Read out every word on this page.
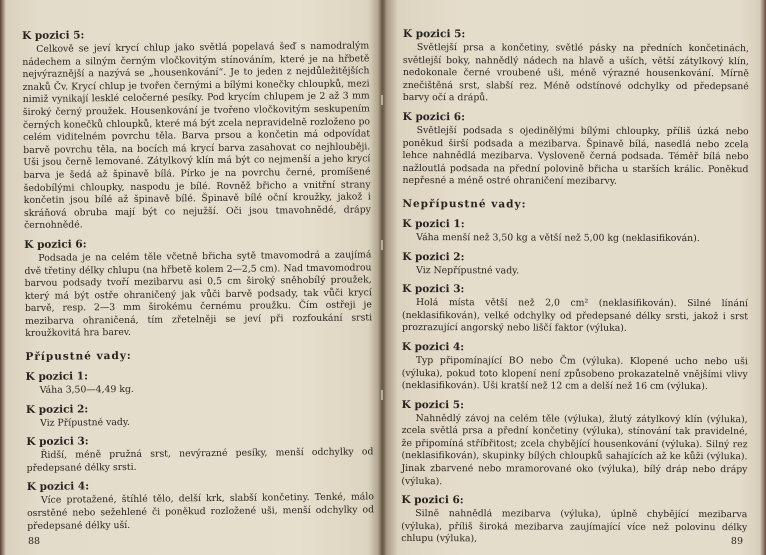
K pozici 5:
Celkově se jeví krycí chlup jako světlá popelavá šeď s namodralým nádechem a silným černým vločkovitým stínováním, které je na hřbetě nejvýraznější a nazývá se „housenkování“. Je to jeden z nejdůležitějších znaků Čv. Krycí chlup je tvořen černými a bílými konečky chloupků, mezi nimiž vynikají lesklé celočerné pesíky. Pod krycím chlupem je 2 až 3 mm široký černý proužek. Housenkování je tvořeno vločkovitým seskupením černých konečků chloupků, které má být zcela nepravidelně rozloženo po celém viditelném povrchu těla. Barva prsou a končetin má odpovídat barvě povrchu těla, na bocích má krycí barva zasahovat co nejhlouběji. Uši jsou černě lemované. Zátylkový klín má být co nejmenší a jeho krycí barva je šedá až špinavě bílá. Pírko je na povrchu černé, promíšené šedobílými chloupky, naspodu je bílé. Rovněž břicho a vnitřní strany končetin jsou bílé až špinavě bílé. Špinavě bílé oční kroužky, jakož i skráňová obruba mají být co nejužší. Oči jsou tmavohnědé, drápy černohnědé.
K pozici 6:
Podsada je na celém těle včetně břicha sytě tmavomodrá a zaujímá dvě třetiny délky chlupu (na hřbetě kolem 2—2,5 cm). Nad tmavomodrou barvou podsady tvoří mezibarvu asi 0,5 cm široký sněhobílý proužek, který má být ostře ohraničený jak vůči barvě podsady, tak vůči krycí barvě, resp. 2—3 mm širokému černému proužku. Čím ostřeji je mezibarva ohraničená, tím zřetelněji se jeví při rozfoukání srsti kroužkovitá hra barev.
Přípustné vady:
K pozici 1:
Váha 3,50—4,49 kg.
K pozici 2:
Viz Přípustné vady.
K pozici 3:
Řidší, méně pružná srst, nevýrazné pesíky, menší odchylky od předepsané délky srsti.
K pozici 4:
Více protažené, štíhlé tělo, delší krk, slabší končetiny. Tenké, málo osrstěné nebo sežehlené či poněkud rozložené uši, menší odchylky od předepsané délky uší.
88
K pozici 5:
Světlejší prsa a končetiny, světlé pásky na předních končetinách, světlejší boky, nahnědlý nádech na hlavě a uších, větší zátylkový klín, nedokonale černé vroubené uši, méně výrazné housenkování. Mírně znečištěná srst, slabší rez. Méně odstínové odchylky od předepsané barvy očí a drápů.
K pozici 6:
Světlejší podsada s ojedinělými bílými chloupky, příliš úzká nebo poněkud širší podsada a mezibarva. Špinavě bílá, nasedlá nebo zcela lehce nahnědlá mezibarva. Vysloveně černá podsada. Téměř bílá nebo nažloutlá podsada na přední polovině břicha u starších králic. Poněkud nepřesné a méně ostré ohraničení mezibarvy.
Nepřípustné vady:
K pozici 1:
Váha menší než 3,50 kg a větší než 5,00 kg (neklasifikován).
K pozici 2:
Viz Nepřípustné vady.
K pozici 3:
Holá místa větší než 2,0 cm² (neklasifikován). Silné línání (neklasifikován), velké odchylky od předepsané délky srsti, jakož i srst prozrazující angorský nebo liščí faktor (výluka).
K pozici 4:
Typ připomínající BO nebo Čm (výluka). Klopené ucho nebo uši (výluka), pokud toto klopení není způsobeno prokazatelně vnějšími vlivy (neklasifikován). Uši kratší než 12 cm a delší než 16 cm (výluka).
K pozici 5:
Nahnědlý závoj na celém těle (výluka), žlutý zátylkový klín (výluka), zcela světlá prsa a přední končetiny (výluka), stínování tak pravidelné, že připomíná stříbřitost; zcela chybějící housenkování (výluka). Silný rez (neklasifikován), skupinky bílých chloupků sahajících až ke kůži (výluka). Jinak zbarvené nebo mramorované oko (výluka), bílý dráp nebo drápy (výluka).
K pozici 6:
Silně nahnědlá mezibarva (výluka), úplně chybějící mezibarva (výluka), příliš široká mezibarva zaujímající více než polovinu délky chlupu (výluka),	89
